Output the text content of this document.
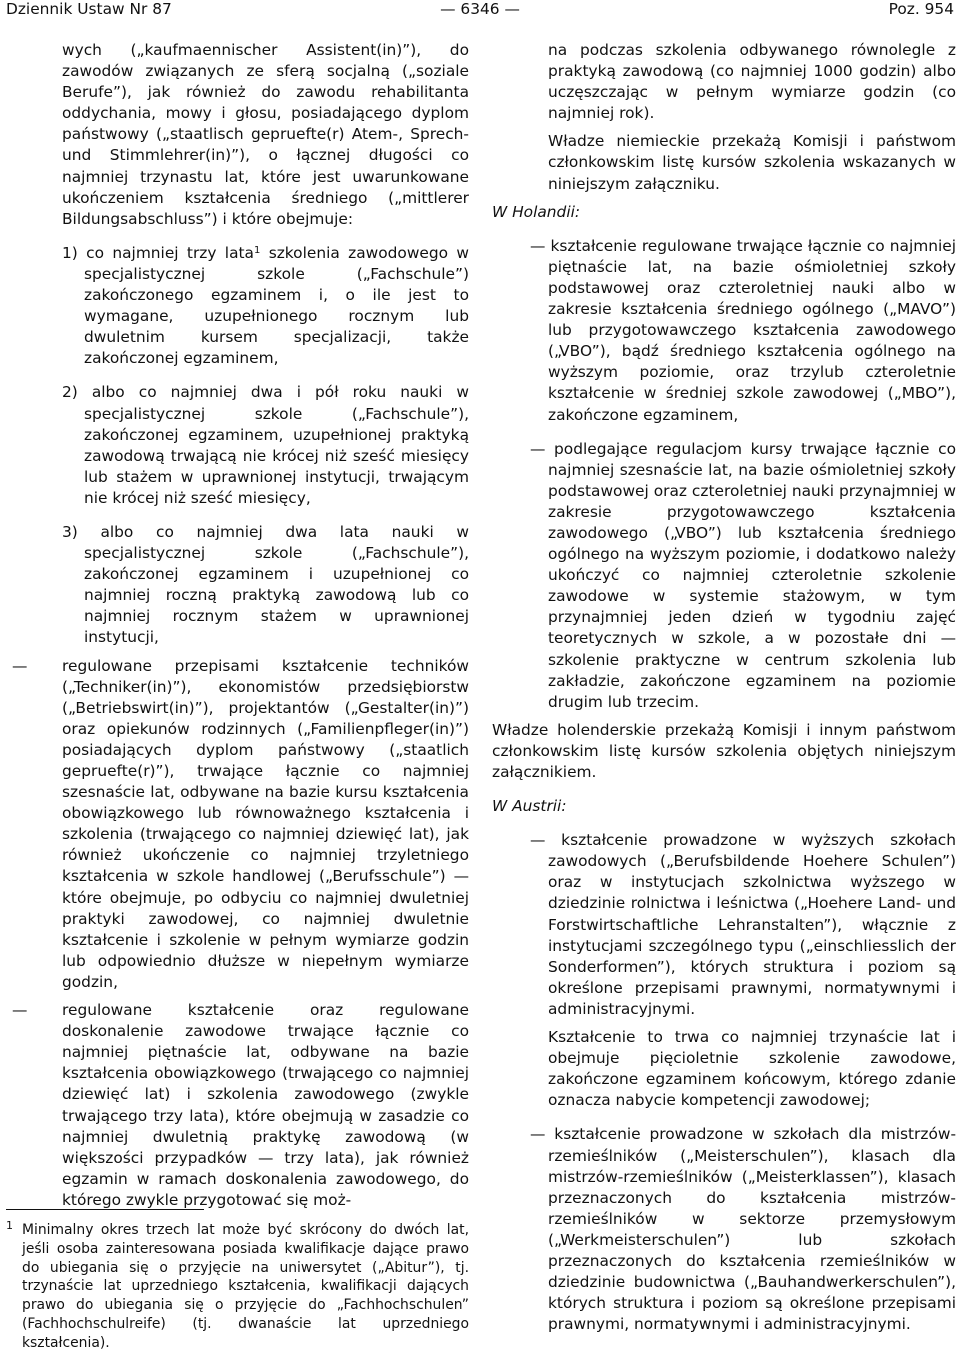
Dziennik Ustaw Nr 87	— 6346 —	Poz. 954

wych („kaufmaennischer Assistent(in)”), do zawodów związanych ze sferą socjalną („soziale Berufe”), jak również do zawodu rehabilitanta oddychania, mowy i głosu, posiadającego dyplom państwowy („staatlisch gepruefte(r) Atem-, Sprech- und Stimmlehrer(in)”), o łącznej długości co najmniej trzynastu lat, które jest uwarunkowane ukończeniem kształcenia średniego („mittlerer Bildungsabschluss”) i które obejmuje:

1) co najmniej trzy lata$^1$ szkolenia zawodowego w specjalistycznej szkole („Fachschule”) zakończonego egzaminem i, o ile jest to wymagane, uzupełnionego rocznym lub dwuletnim kursem specjalizacji, także zakończonej egzaminem,

2) albo co najmniej dwa i pół roku nauki w specjalistycznej szkole („Fachschule”), zakończonej egzaminem, uzupełnionej praktyką zawodową trwającą nie krócej niż sześć miesięcy lub stażem w uprawnionej instytucji, trwającym nie krócej niż sześć miesięcy,

3) albo co najmniej dwa lata nauki w specjalistycznej szkole („Fachschule”), zakończonej egzaminem i uzupełnionej co najmniej roczną praktyką zawodową lub co najmniej rocznym stażem w uprawnionej instytucji,

— regulowane przepisami kształcenie techników („Techniker(in)”), ekonomistów przedsiębiorstw („Betriebswirt(in)”), projektantów („Gestalter(in)”) oraz opiekunów rodzinnych („Familienpfleger(in)”) posiadających dyplom państwowy („staatlich gepruefte(r)”), trwające łącznie co najmniej szesnaście lat, odbywane na bazie kursu kształcenia obowiązkowego lub równoważnego kształcenia i szkolenia (trwającego co najmniej dziewięć lat), jak również ukończenie co najmniej trzyletniego kształcenia w szkole handlowej („Berufsschule”) — które obejmuje, po odbyciu co najmniej dwuletniej praktyki zawodowej, co najmniej dwuletnie kształcenie i szkolenie w pełnym wymiarze godzin lub odpowiednio dłuższe w niepełnym wymiarze godzin,

— regulowane kształcenie oraz regulowane doskonalenie zawodowe trwające łącznie co najmniej piętnaście lat, odbywane na bazie kształcenia obowiązkowego (trwającego co najmniej dziewięć lat) i szkolenia zawodowego (zwykle trwającego trzy lata), które obejmują w zasadzie co najmniej dwuletnią praktykę zawodową (w większości przypadków — trzy lata), jak również egzamin w ramach doskonalenia zawodowego, do którego zwykle przygotować się moż-

1 Minimalny okres trzech lat może być skrócony do dwóch lat, jeśli osoba zainteresowana posiada kwalifikacje dające prawo do ubiegania się o przyjęcie na uniwersytet („Abitur”), tj. trzynaście lat uprzedniego kształcenia, kwalifikacji dających prawo do ubiegania się o przyjęcie do „Fachhochschulen” (Fachhochschulreife) (tj. dwanaście lat uprzedniego kształcenia).

na podczas szkolenia odbywanego równolegle z praktyką zawodową (co najmniej 1000 godzin) albo uczęszczając w pełnym wymiarze godzin (co najmniej rok).

Władze niemieckie przekażą Komisji i państwom członkowskim listę kursów szkolenia wskazanych w niniejszym załączniku.

W Holandii:

— kształcenie regulowane trwające łącznie co najmniej piętnaście lat, na bazie ośmioletniej szkoły podstawowej oraz czteroletniej nauki albo w zakresie kształcenia średniego ogólnego („MAVO”) lub przygotowawczego kształcenia zawodowego („VBO”), bądź średniego kształcenia ogólnego na wyższym poziomie, oraz trzylub czteroletnie kształcenie w średniej szkole zawodowej („MBO”), zakończone egzaminem,

— podlegające regulacjom kursy trwające łącznie co najmniej szesnaście lat, na bazie ośmioletniej szkoły podstawowej oraz czteroletniej nauki przynajmniej w zakresie przygotowawczego kształcenia zawodowego („VBO”) lub kształcenia średniego ogólnego na wyższym poziomie, i dodatkowo należy ukończyć co najmniej czteroletnie szkolenie zawodowe w systemie stażowym, w tym przynajmniej jeden dzień w tygodniu zajęć teoretycznych w szkole, a w pozostałe dni — szkolenie praktyczne w centrum szkolenia lub zakładzie, zakończone egzaminem na poziomie drugim lub trzecim.

Władze holenderskie przekażą Komisji i innym państwom członkowskim listę kursów szkolenia objętych niniejszym załącznikiem.

W Austrii:

— kształcenie prowadzone w wyższych szkołach zawodowych („Berufsbildende Hoehere Schulen”) oraz w instytucjach szkolnictwa wyższego w dziedzinie rolnictwa i leśnictwa („Hoehere Land- und Forstwirtschaftliche Lehranstalten”), włącznie z instytucjami szczególnego typu („einschliesslich der Sonderformen”), których struktura i poziom są określone przepisami prawnymi, normatywnymi i administracyjnymi.

Kształcenie to trwa co najmniej trzynaście lat i obejmuje pięcioletnie szkolenie zawodowe, zakończone egzaminem końcowym, którego zdanie oznacza nabycie kompetencji zawodowej;

— kształcenie prowadzone w szkołach dla mistrzów-rzemieślników („Meisterschulen”), klasach dla mistrzów-rzemieślników („Meisterklassen”), klasach przeznaczonych do kształcenia mistrzów-rzemieślników w sektorze przemysłowym („Werkmeisterschulen”) lub szkołach przeznaczonych do kształcenia rzemieślników w dziedzinie budownictwa („Bauhandwerkerschulen”), których struktura i poziom są określone przepisami prawnymi, normatywnymi i administracyjnymi.
